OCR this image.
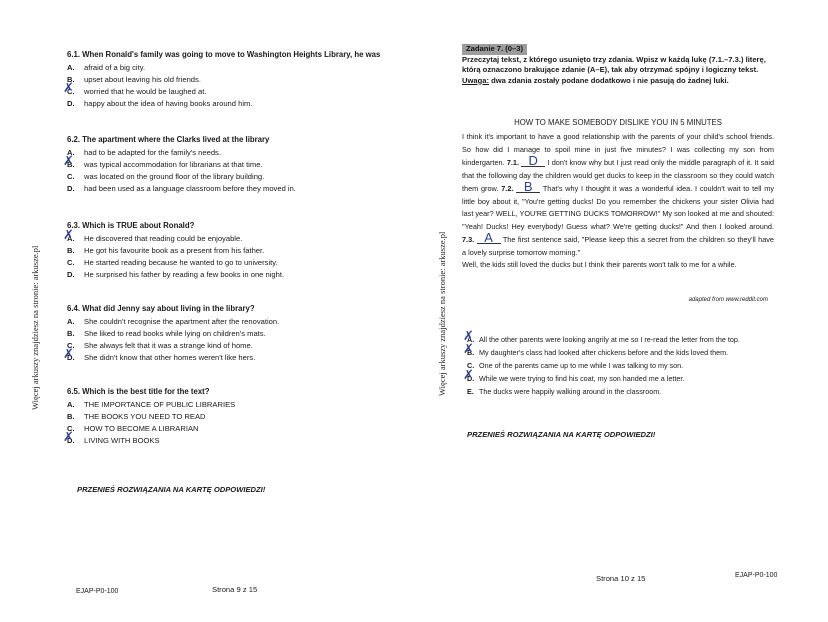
Więcej arkuszy znajdziesz na stronie: arkusze.pl
6.1. When Ronald's family was going to move to Washington Heights Library, he was
A.	afraid of a big city.
B.	upset about leaving his old friends.
✗ C.	worried that he would be laughed at.
D.	happy about the idea of having books around him.
6.2. The apartment where the Clarks lived at the library
A.	had to be adapted for the family's needs.
✗ B.	was typical accommodation for librarians at that time.
C.	was located on the ground floor of the library building.
D.	had been used as a language classroom before they moved in.
6.3. Which is TRUE about Ronald?
✗ A.	He discovered that reading could be enjoyable.
B.	He got his favourite book as a present from his father.
C.	He started reading because he wanted to go to university.
D.	He surprised his father by reading a few books in one night.
6.4. What did Jenny say about living in the library?
A.	She couldn't recognise the apartment after the renovation.
B.	She liked to read books while lying on children's mats.
C.	She always felt that it was a strange kind of home.
✗ D.	She didn't know that other homes weren't like hers.
6.5. Which is the best title for the text?
A.	THE IMPORTANCE OF PUBLIC LIBRARIES
B.	THE BOOKS YOU NEED TO READ
C.	HOW TO BECOME A LIBRARIAN
✗ D.	LIVING WITH BOOKS
PRZENIEŚ ROZWIĄZANIA NA KARTĘ ODPOWIEDZI!
EJAP-P0-100	Strona 9 z 15
Więcej arkuszy znajdziesz na stronie: arkusze.pl
Zadanie 7. (0–3)
Przeczytaj tekst, z którego usunięto trzy zdania. Wpisz w każdą lukę (7.1.–7.3.) literę, którą oznaczono brakujące zdanie (A–E), tak aby otrzymać spójny i logiczny tekst.
Uwaga: dwa zdania zostały podane dodatkowo i nie pasują do żadnej luki.
HOW TO MAKE SOMEBODY DISLIKE YOU IN 5 MINUTES
I think it's important to have a good relationship with the parents of your child's school friends. So how did I manage to spoil mine in just five minutes? I was collecting my son from kindergarten. 7.1. D I don't know why but I just read only the middle paragraph of it. It said that the following day the children would get ducks to keep in the classroom so they could watch them grow. 7.2. B That's why I thought it was a wonderful idea. I couldn't wait to tell my little boy about it, "You're getting ducks! Do you remember the chickens your sister Olivia had last year? WELL, YOU'RE GETTING DUCKS TOMORROW!" My son looked at me and shouted: "Yeah! Ducks! Hey everybody! Guess what? We're getting ducks!" And then I looked around. 7.3. A The first sentence said, "Please keep this a secret from the children so they'll have a lovely surprise tomorrow morning."
Well, the kids still loved the ducks but I think their parents won't talk to me for a while.
adapted from www.reddit.com
✗ A. All the other parents were looking angrily at me so I re-read the letter from the top.
✗ B. My daughter's class had looked after chickens before and the kids loved them.
C. One of the parents came up to me while I was talking to my son.
✗ D. While we were trying to find his coat, my son handed me a letter.
E. The ducks were happily walking around in the classroom.
PRZENIEŚ ROZWIĄZANIA NA KARTĘ ODPOWIEDZI!
Strona 10 z 15	EJAP-P0-100
